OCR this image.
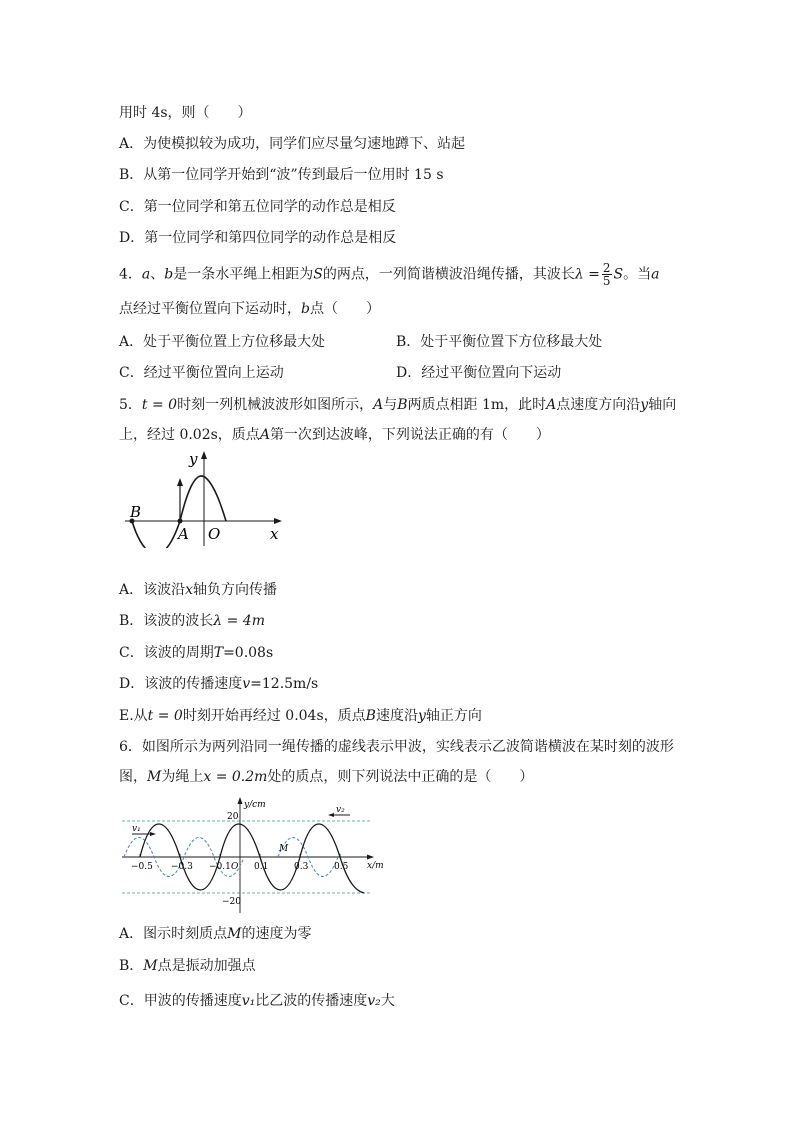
用时 4s，则（　　）
A．为使模拟较为成功，同学们应尽量匀速地蹲下、站起
B．从第一位同学开始到“波”传到最后一位用时 15 s
C．第一位同学和第五位同学的动作总是相反
D．第一位同学和第四位同学的动作总是相反
4．a、b是一条水平绳上相距为S的两点，一列简谐横波沿绳传播，其波长$\lambda = \frac{2}{5}$ S。当a
点经过平衡位置向下运动时，b点（　　）
A．处于平衡位置上方位移最大处	B．处于平衡位置下方位移最大处
C．经过平衡位置向上运动	D．经过平衡位置向下运动
5．t = 0时刻一列机械波波形如图所示，A与B两质点相距 1m，此时A点速度方向沿y轴向
上，经过 0.02s，质点A第一次到达波峰，下列说法正确的有（　　）
y
B
A O	x
A．该波沿x轴负方向传播
B．该波的波长λ = 4m
C．该波的周期T=0.08s
D．该波的传播速度v=12.5m/s
E.从t = 0时刻开始再经过 0.04s，质点B速度沿y轴正方向
6．如图所示为两列沿同一绳传播的虚线表示甲波，实线表示乙波简谐横波在某时刻的波形
图，M为绳上x = 0.2m处的质点，则下列说法中正确的是（　　）
y/cm
20
−20
x/m
v₁
v₂
M
−0.5 −0.3 −0.1 O 0.1	0.3	0.5
A．图示时刻质点M的速度为零
B．M点是振动加强点
C．甲波的传播速度v₁比乙波的传播速度v₂大
